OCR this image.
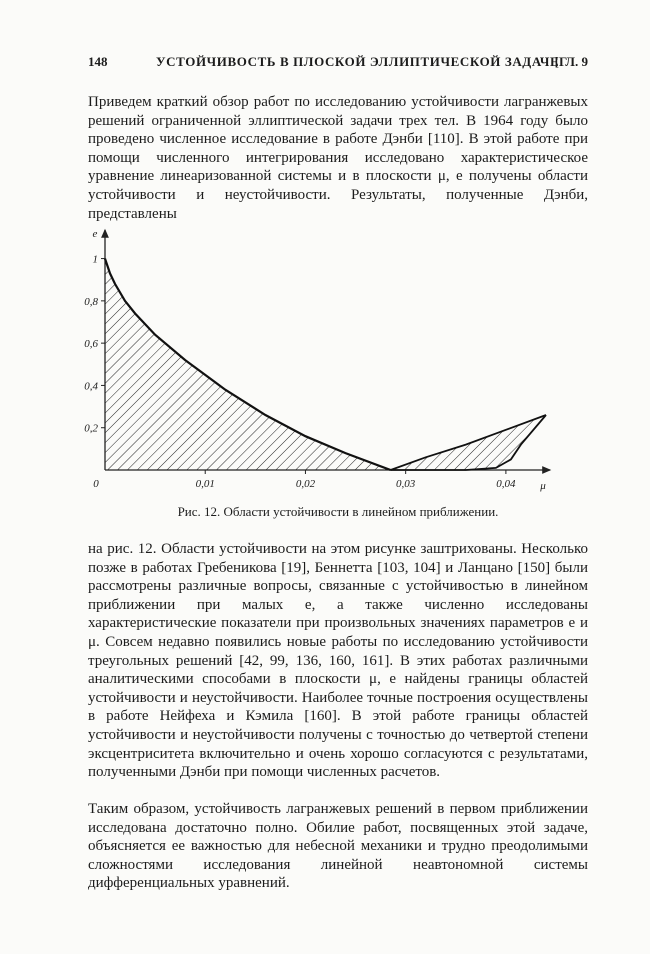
148	УСТОЙЧИВОСТЬ В ПЛОСКОЙ ЭЛЛИПТИЧЕСКОЙ ЗАДАЧЕ
[ГЛ. 9

Приведем краткий обзор работ по исследованию устойчивости лагранжевых решений ограниченной эллиптической задачи трех тел. В 1964 году было проведено численное исследование в работе Дэнби [110]. В этой работе при помощи численного интегрирования исследовано характеристическое уравнение линеаризованной системы и в плоскости μ, e получены области устойчивости и неустойчивости. Результаты, полученные Дэнби, представлены

0,01	0,02	0,03	0,04
0,2
0,4
0,6
0,8
1
0	μ
e
Рис. 12. Области устойчивости в линейном приближении.

на рис. 12. Области устойчивости на этом рисунке заштрихованы. Несколько позже в работах Гребеникова [19], Беннетта [103, 104] и Ланцано [150] были рассмотрены различные вопросы, связанные с устойчивостью в линейном приближении при малых e, а также численно исследованы характеристические показатели при произвольных значениях параметров e и μ. Совсем недавно появились новые работы по исследованию устойчивости треугольных решений [42, 99, 136, 160, 161]. В этих работах различными аналитическими способами в плоскости μ, e найдены границы областей устойчивости и неустойчивости. Наиболее точные построения осуществлены в работе Нейфеха и Кэмила [160]. В этой работе границы областей устойчивости и неустойчивости получены с точностью до четвертой степени эксцентриситета включительно и очень хорошо согласуются с результатами, полученными Дэнби при помощи численных расчетов.

Таким образом, устойчивость лагранжевых решений в первом приближении исследована достаточно полно. Обилие работ, посвященных этой задаче, объясняется ее важностью для небесной механики и трудно преодолимыми сложностями исследования линейной неавтономной системы дифференциальных уравнений.
